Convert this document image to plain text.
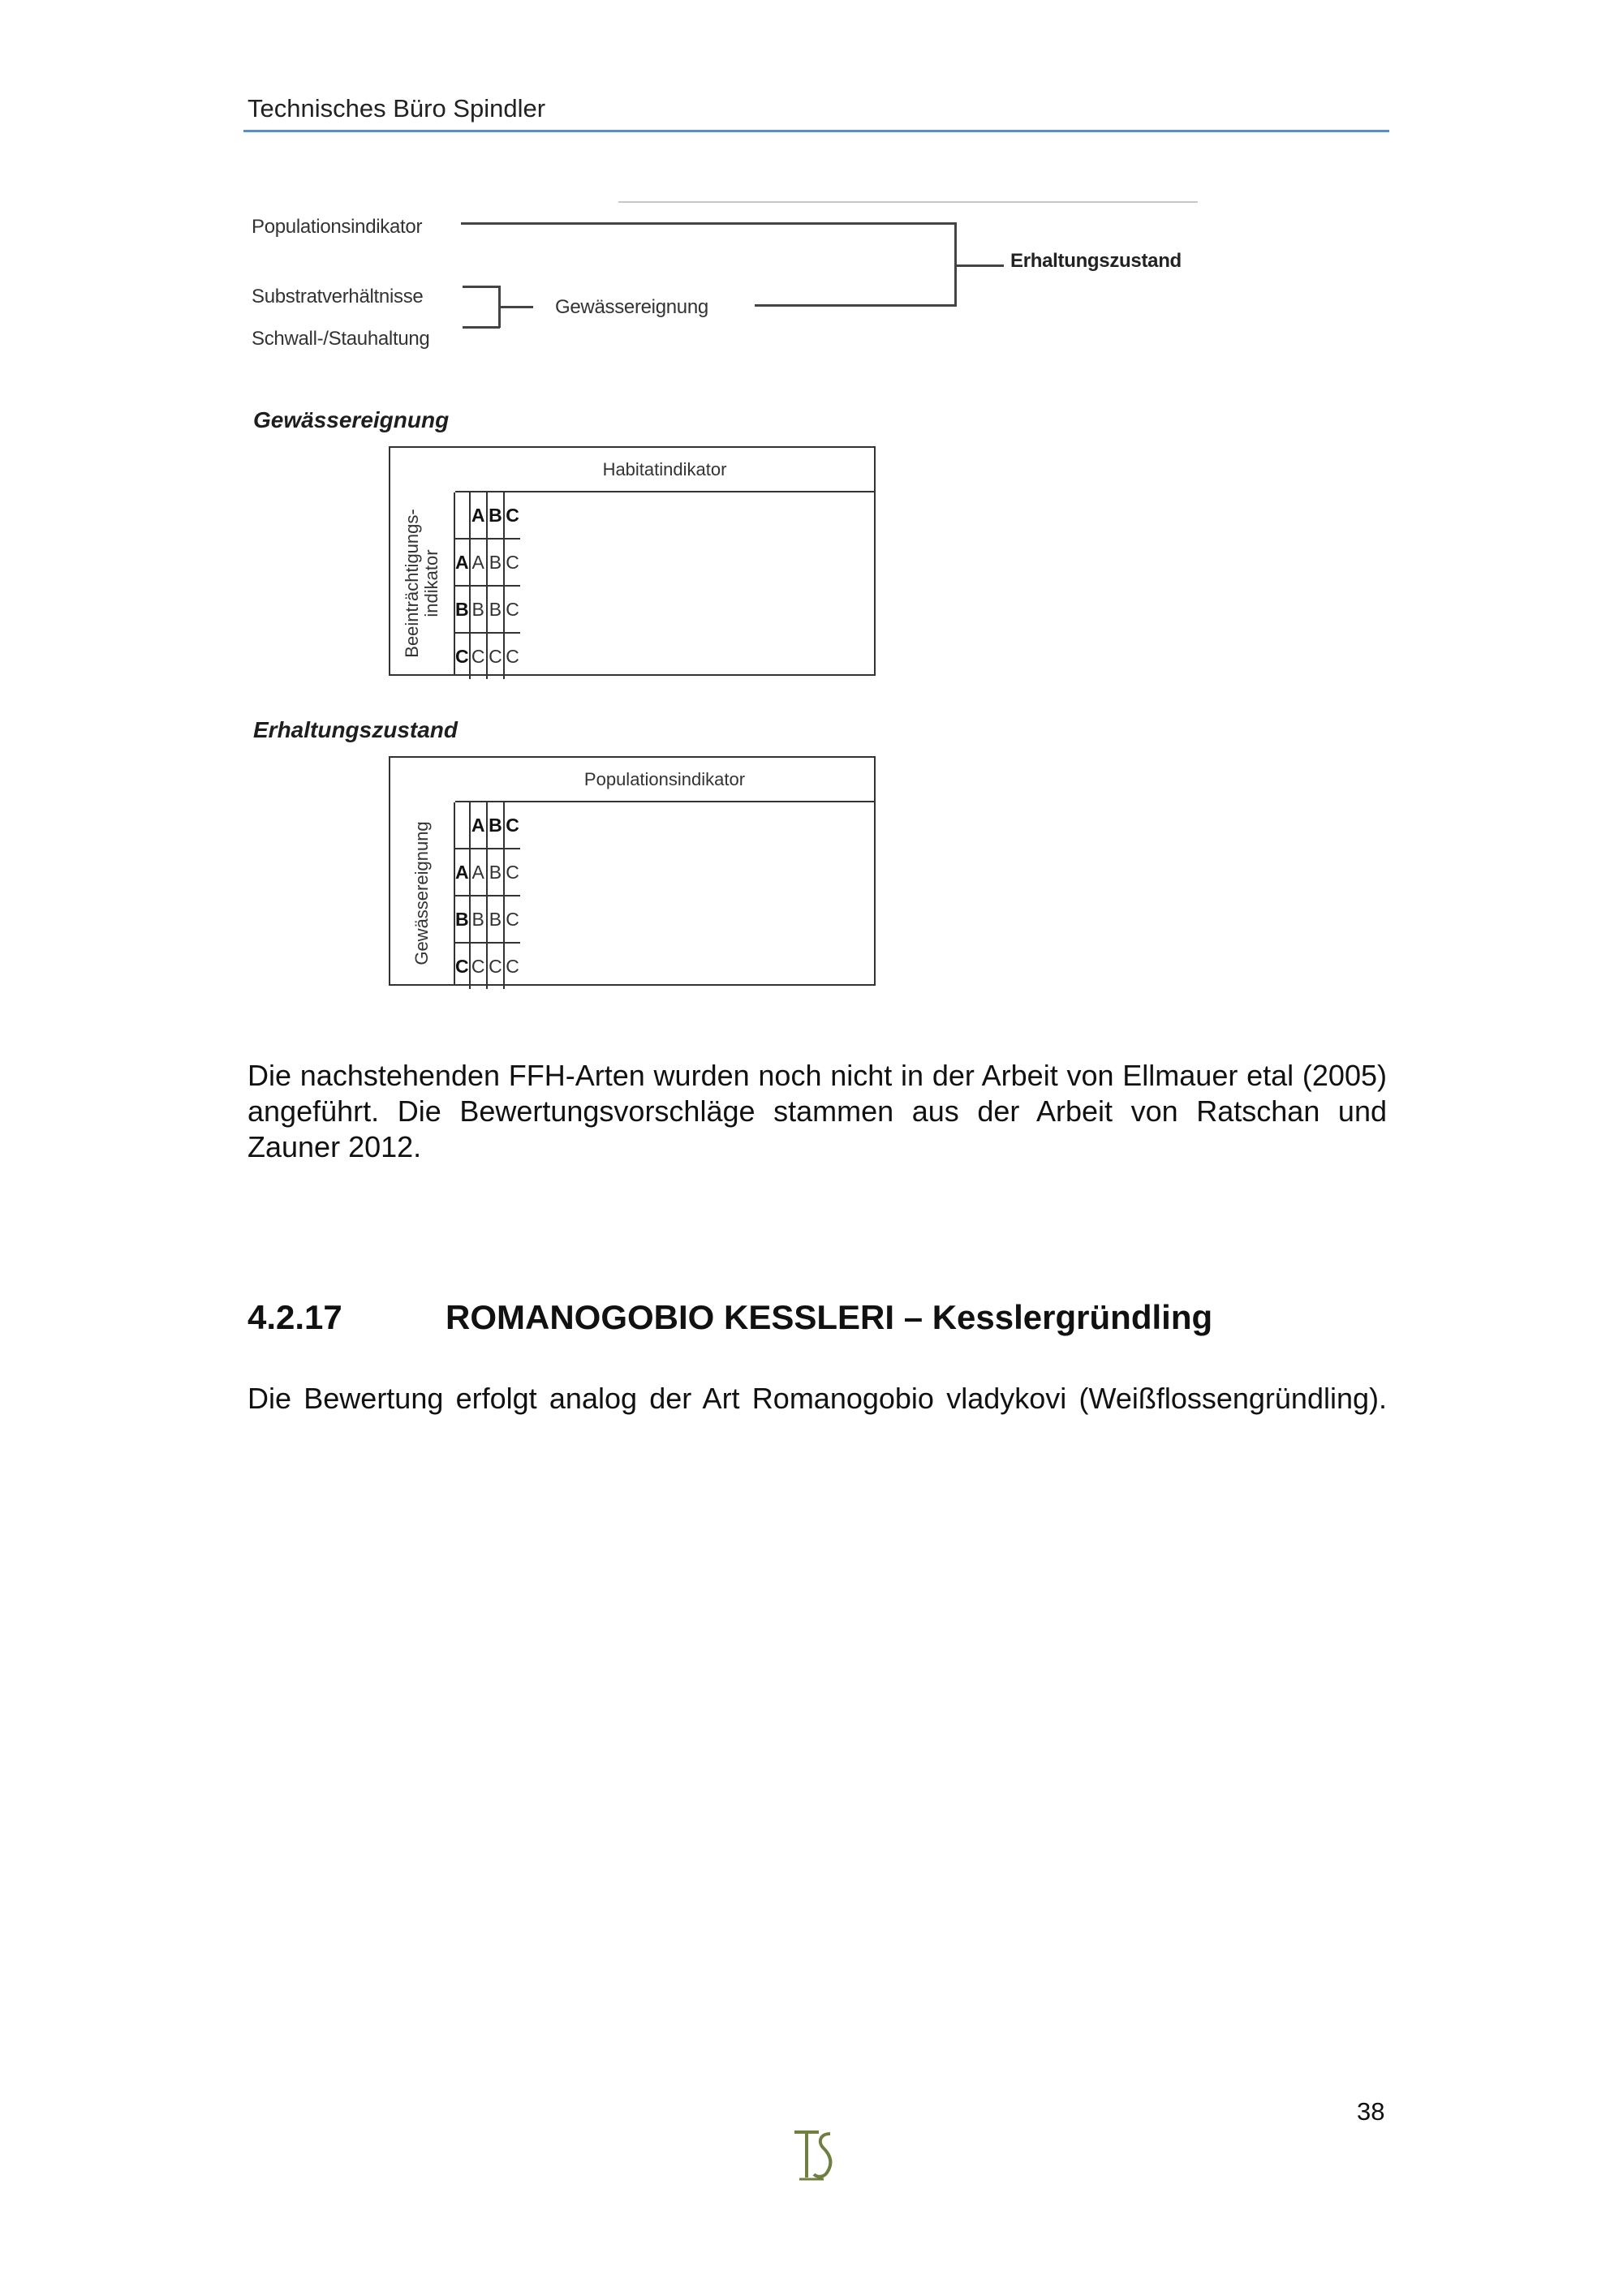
Technisches Büro Spindler
Populationsindikator
Erhaltungszustand
Substratverhältnisse
Schwall-/Stauhaltung
Gewässereignung
Gewässereignung
Habitatindikator
Beeinträchtigungs-
indikator
	A	B	C
A	A	B	C
B	B	B	C
C	C	C	C
Erhaltungszustand
Populationsindikator
Gewässereignung
	A	B	C
A	A	B	C
B	B	B	C
C	C	C	C
Die nachstehenden FFH-Arten wurden noch nicht in der Arbeit von Ellmauer etal (2005) angeführt. Die Bewertungsvorschläge stammen aus der Arbeit von Ratschan und Zauner 2012.
4.2.17	ROMANOGOBIO KESSLERI – Kesslergründling
Die Bewertung erfolgt analog der Art Romanogobio vladykovi (Weißflossengründling).
38
